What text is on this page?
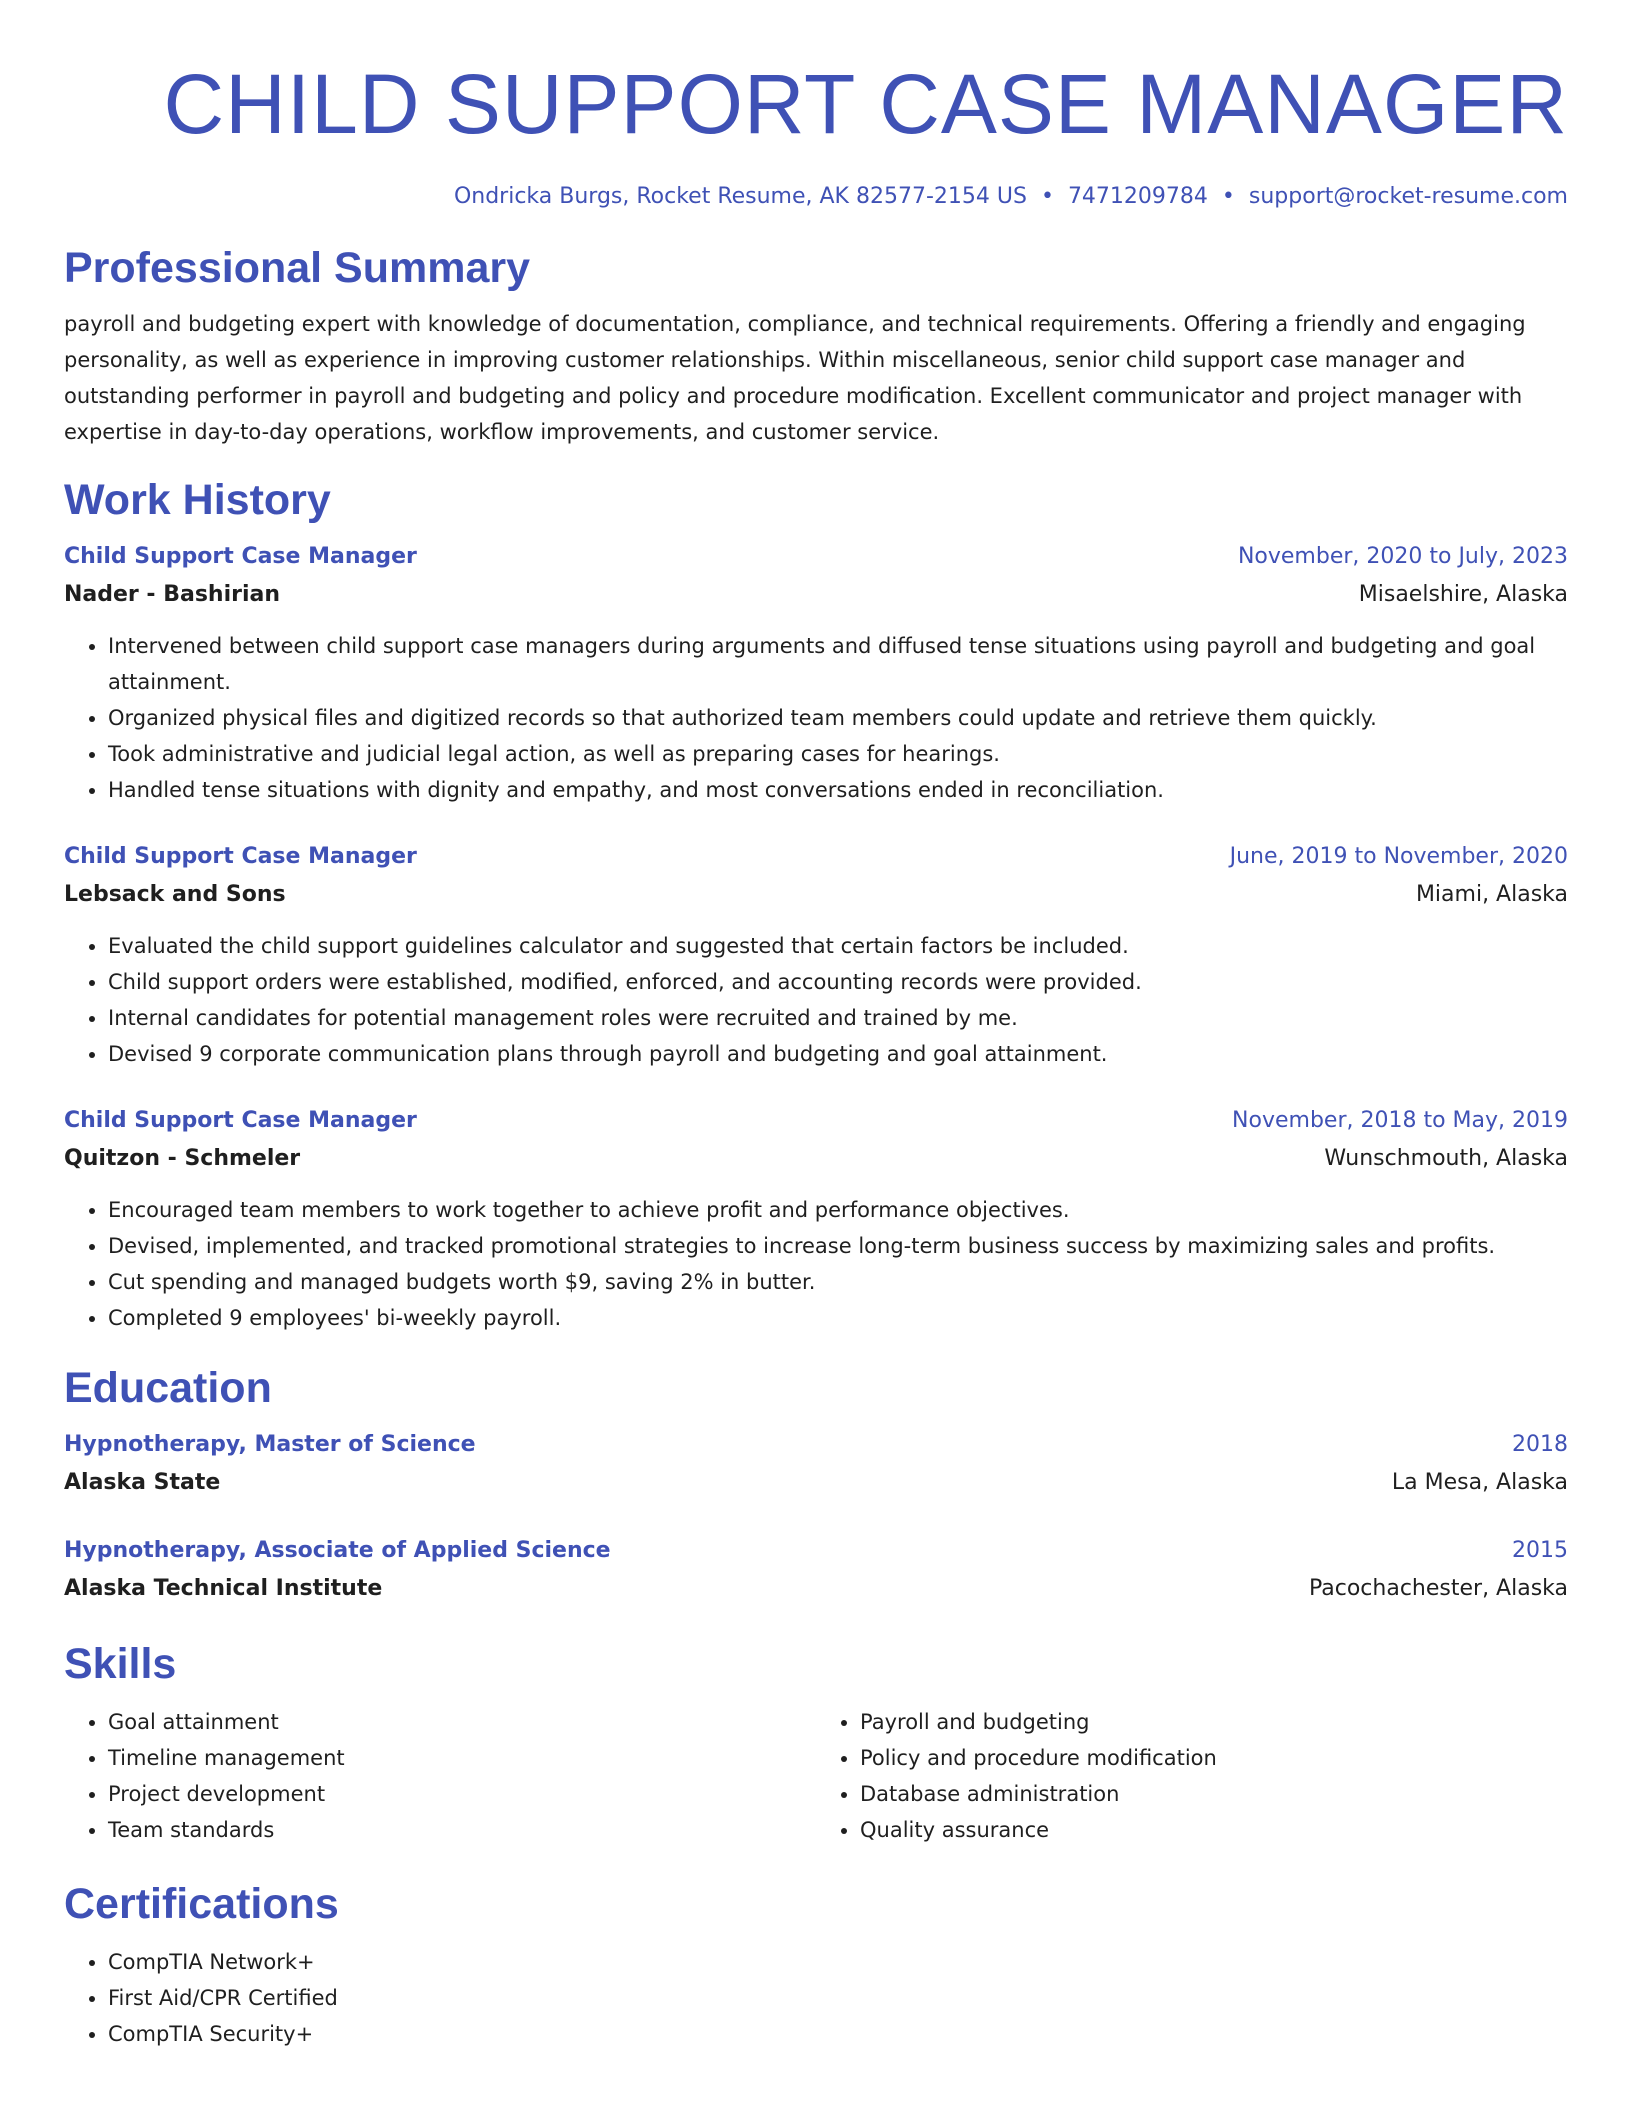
CHILD SUPPORT CASE MANAGER
Ondricka Burgs, Rocket Resume, AK 82577-2154 US • 7471209784 • support@rocket-resume.com
Professional Summary
payroll and budgeting expert with knowledge of documentation, compliance, and technical requirements. Offering a friendly and engaging personality, as well as experience in improving customer relationships. Within miscellaneous, senior child support case manager and outstanding performer in payroll and budgeting and policy and procedure modification. Excellent communicator and project manager with expertise in day-to-day operations, workflow improvements, and customer service.
Work History
Child Support Case Manager	November, 2020 to July, 2023
Nader - Bashirian	Misaelshire, Alaska
• Intervened between child support case managers during arguments and diffused tense situations using payroll and budgeting and goal attainment.
• Organized physical files and digitized records so that authorized team members could update and retrieve them quickly.
• Took administrative and judicial legal action, as well as preparing cases for hearings.
• Handled tense situations with dignity and empathy, and most conversations ended in reconciliation.
Child Support Case Manager	June, 2019 to November, 2020
Lebsack and Sons	Miami, Alaska
• Evaluated the child support guidelines calculator and suggested that certain factors be included.
• Child support orders were established, modified, enforced, and accounting records were provided.
• Internal candidates for potential management roles were recruited and trained by me.
• Devised 9 corporate communication plans through payroll and budgeting and goal attainment.
Child Support Case Manager	November, 2018 to May, 2019
Quitzon - Schmeler	Wunschmouth, Alaska
• Encouraged team members to work together to achieve profit and performance objectives.
• Devised, implemented, and tracked promotional strategies to increase long-term business success by maximizing sales and profits.
• Cut spending and managed budgets worth $9, saving 2% in butter.
• Completed 9 employees' bi-weekly payroll.
Education
Hypnotherapy, Master of Science	2018
Alaska State	La Mesa, Alaska
Hypnotherapy, Associate of Applied Science	2015
Alaska Technical Institute	Pacochachester, Alaska
Skills
• Goal attainment
• Timeline management
• Project development
• Team standards
• Payroll and budgeting
• Policy and procedure modification
• Database administration
• Quality assurance
Certifications
• CompTIA Network+
• First Aid/CPR Certified
• CompTIA Security+
